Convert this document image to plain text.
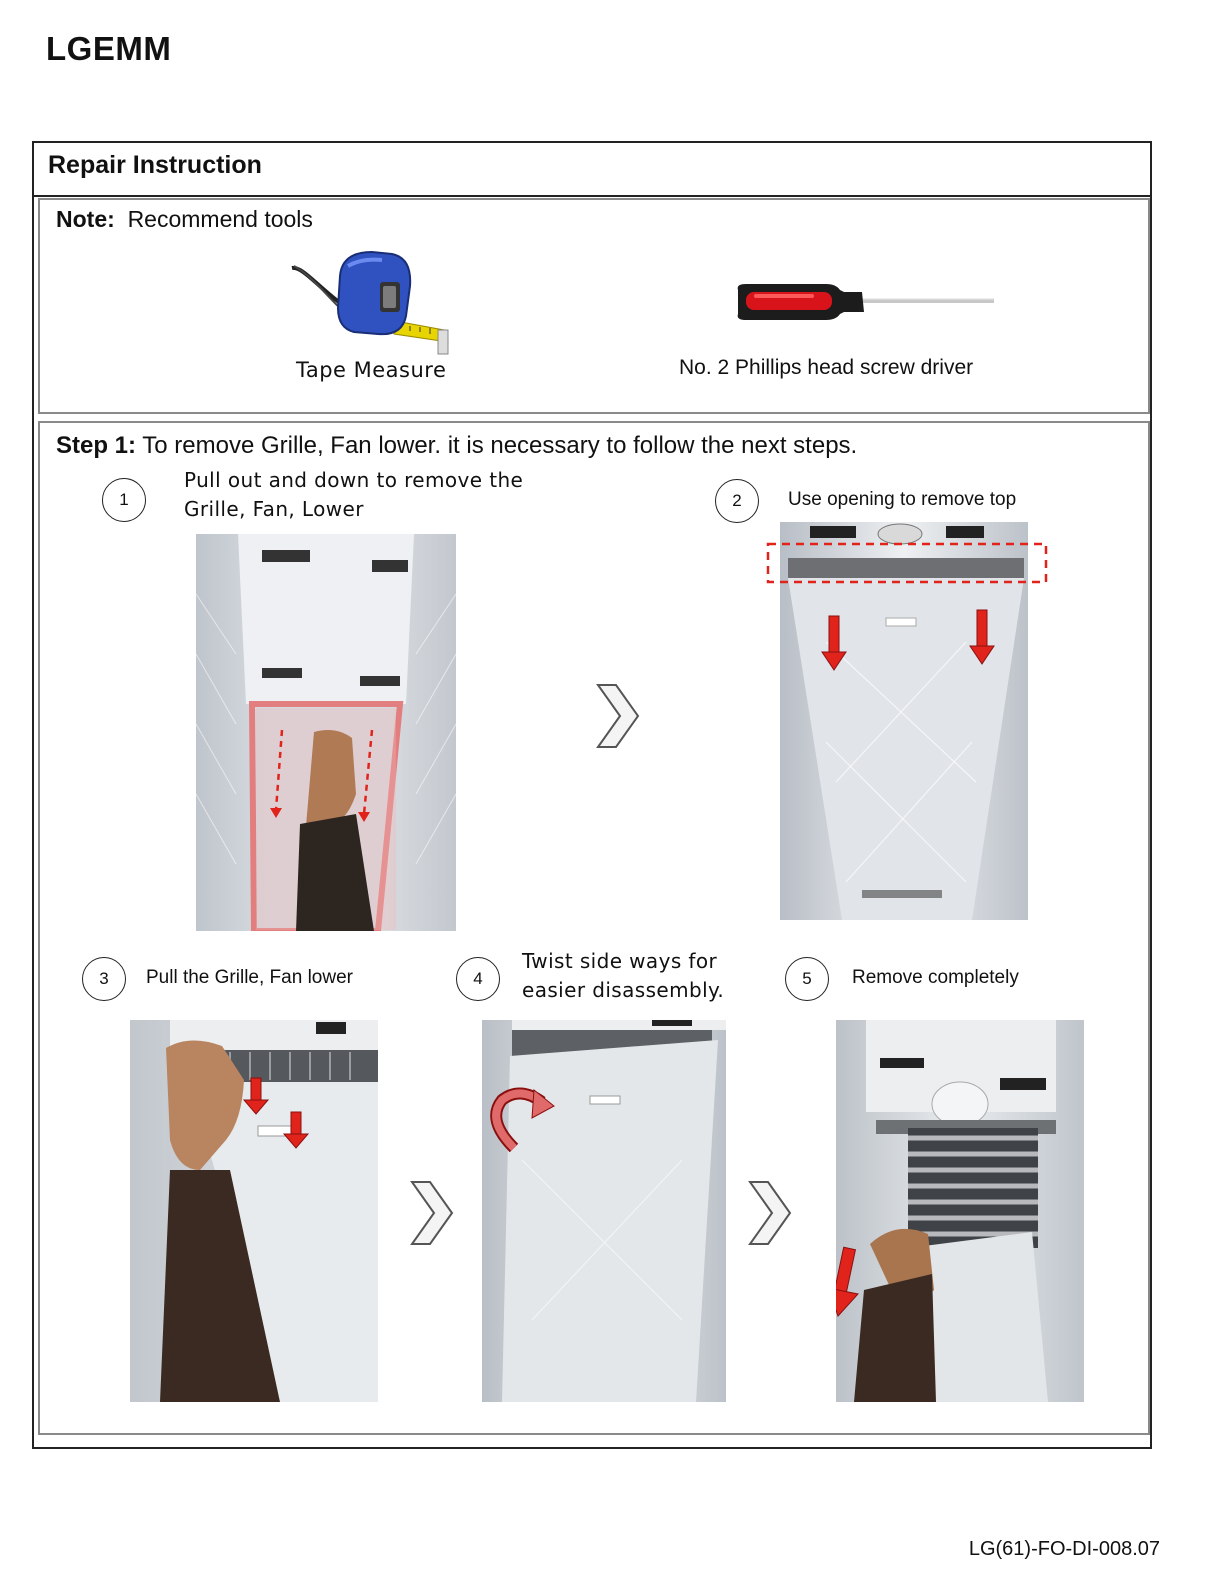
LGEMM
Repair Instruction
Note: Recommend tools
Tape Measure	No. 2 Phillips head screw driver
Step 1: To remove Grille, Fan lower. it is necessary to follow the next steps.
1
Pull out and down to remove the
Grille, Fan, Lower	2	Use opening to remove top
3	Pull the Grille, Fan lower	4
Twist side ways for
easier disassembly.	5	Remove completely
LG(61)-FO-DI-008.07
